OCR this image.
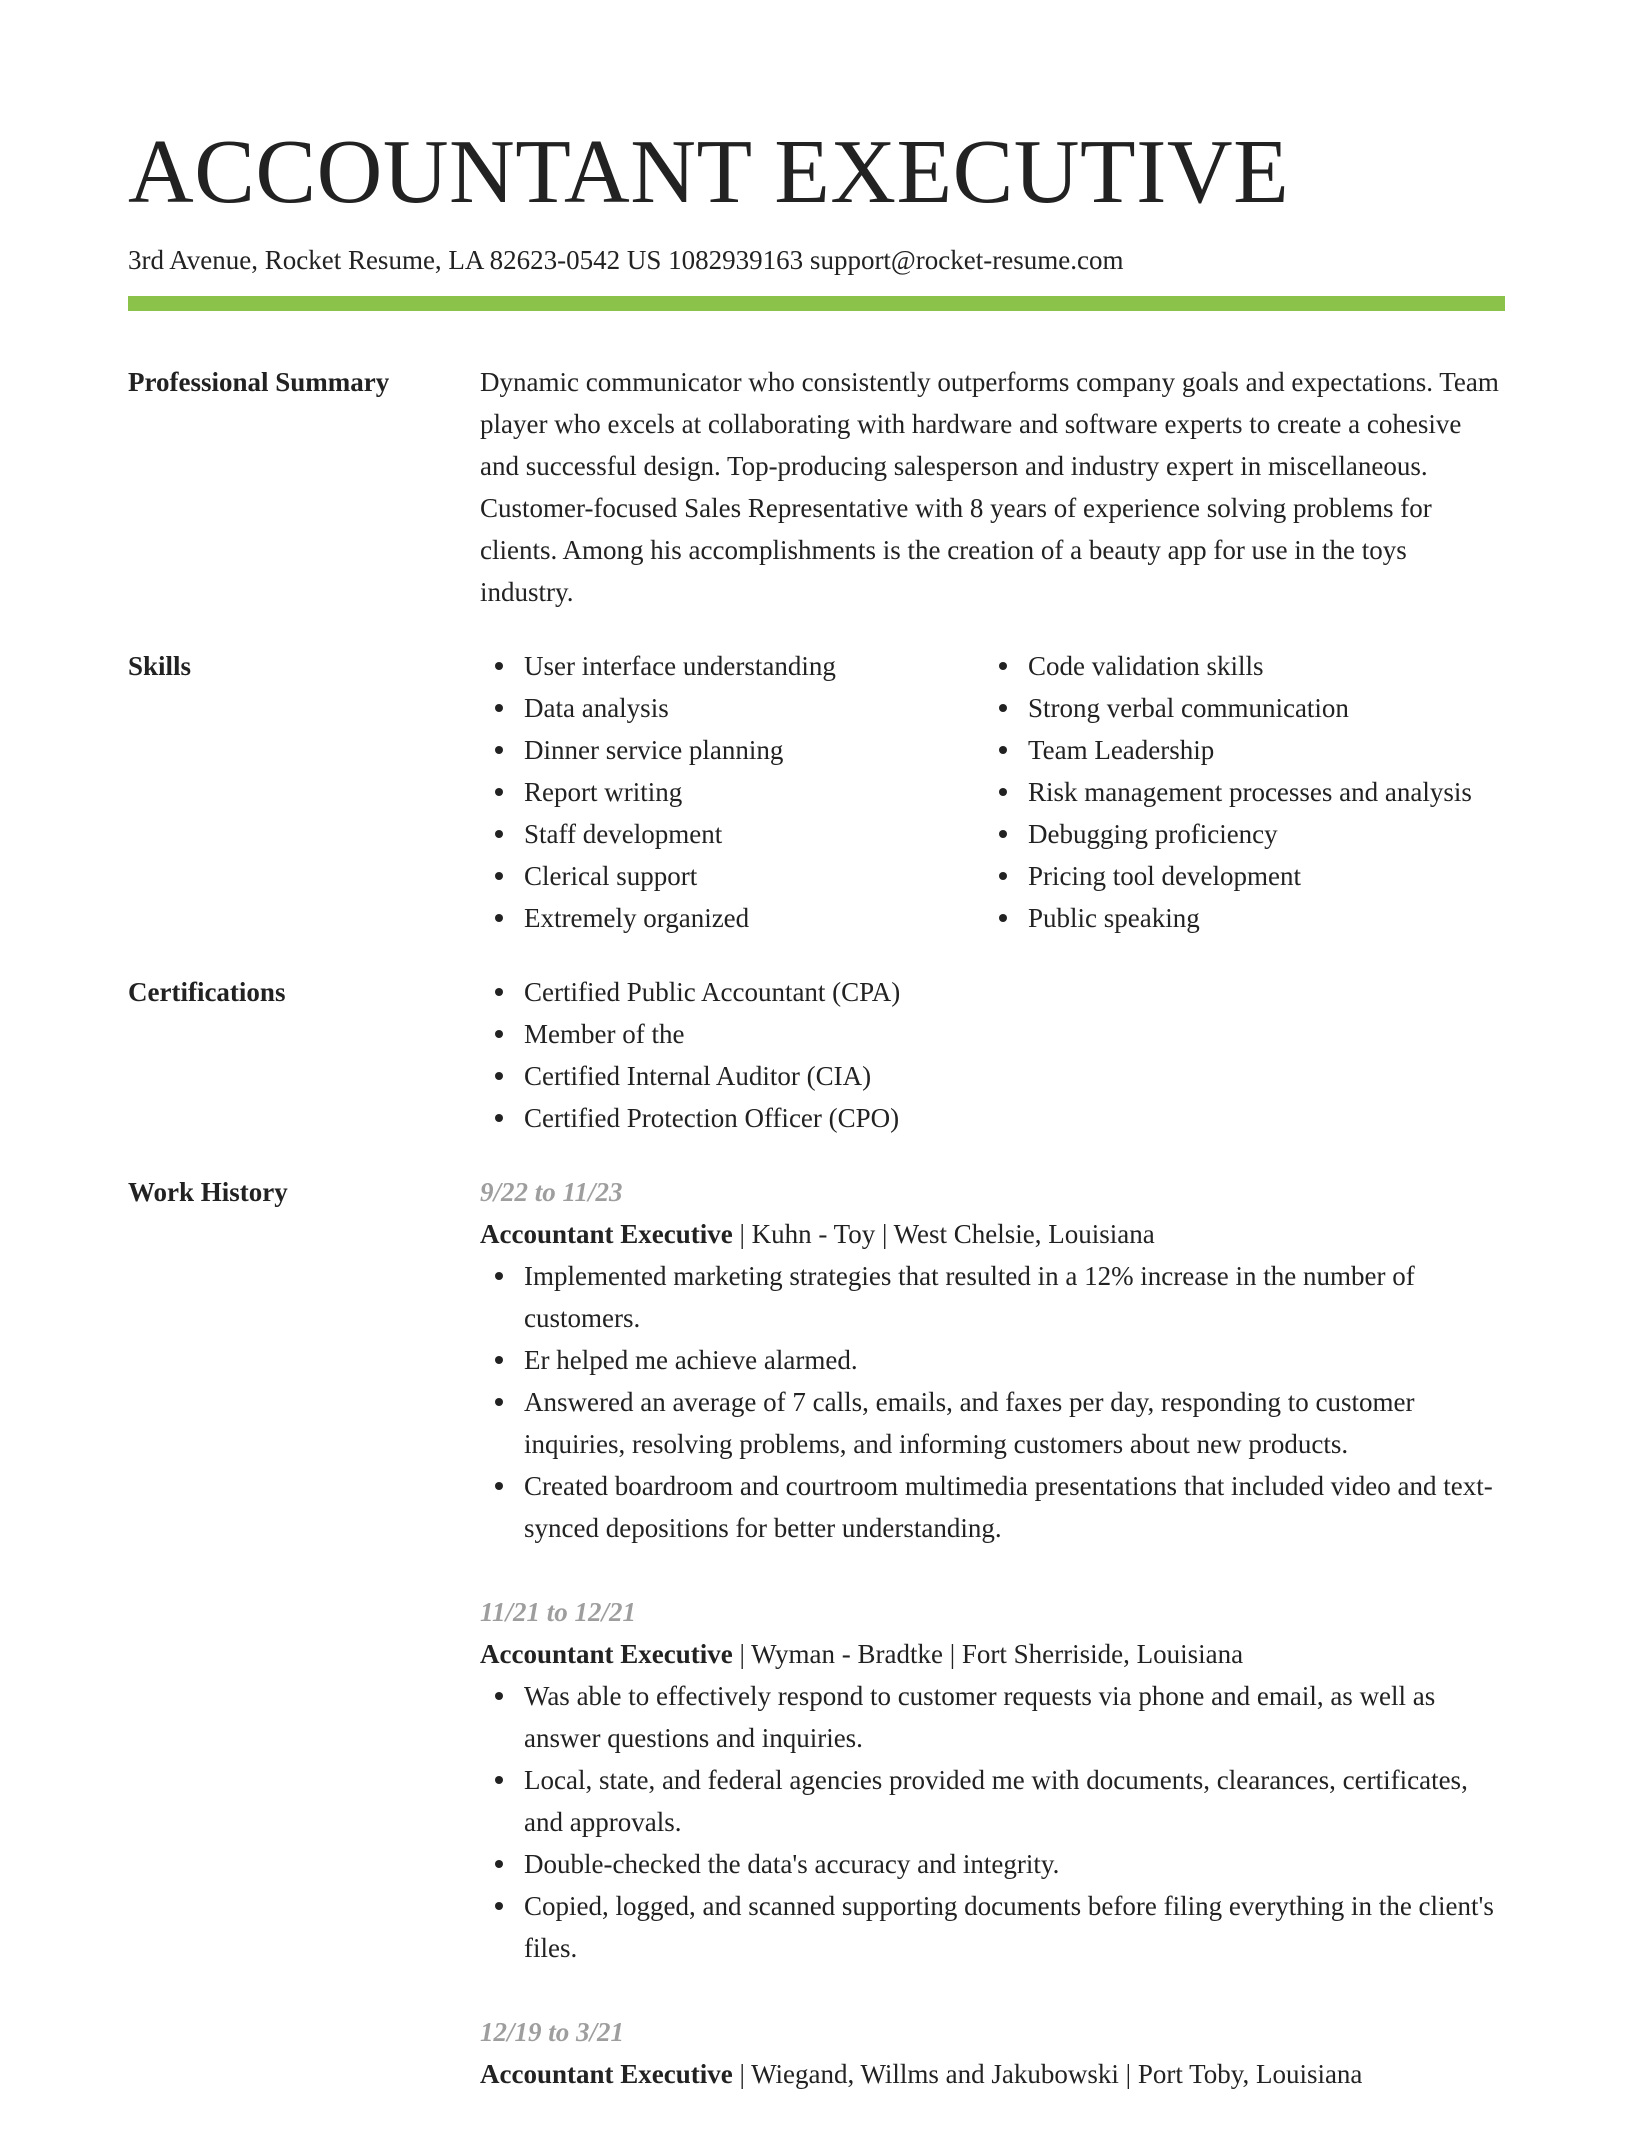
ACCOUNTANT EXECUTIVE
3rd Avenue, Rocket Resume, LA 82623-0542 US 1082939163 support@rocket-resume.com
Professional Summary	Dynamic communicator who consistently outperforms company goals and expectations. Team player who excels at collaborating with hardware and software experts to create a cohesive and successful design. Top-producing salesperson and industry expert in miscellaneous. Customer-focused Sales Representative with 8 years of experience solving problems for clients. Among his accomplishments is the creation of a beauty app for use in the toys industry.

Skills	User interface understanding
Data analysis
Dinner service planning
Report writing
Staff development
Clerical support
Extremely organized
Code validation skills
Strong verbal communication
Team Leadership
Risk management processes and analysis
Debugging proficiency
Pricing tool development
Public speaking
Certifications	Certified Public Accountant (CPA)
Member of the
Certified Internal Auditor (CIA)
Certified Protection Officer (CPO)
Work History	9/22 to 11/23
Accountant Executive | Kuhn - Toy | West Chelsie, Louisiana
Implemented marketing strategies that resulted in a 12% increase in the number of customers.
Er helped me achieve alarmed.
Answered an average of 7 calls, emails, and faxes per day, responding to customer inquiries, resolving problems, and informing customers about new products.
Created boardroom and courtroom multimedia presentations that included video and text-synced depositions for better understanding.
11/21 to 12/21
Accountant Executive | Wyman - Bradtke | Fort Sherriside, Louisiana
Was able to effectively respond to customer requests via phone and email, as well as answer questions and inquiries.
Local, state, and federal agencies provided me with documents, clearances, certificates, and approvals.
Double-checked the data's accuracy and integrity.
Copied, logged, and scanned supporting documents before filing everything in the client's files.
12/19 to 3/21
Accountant Executive | Wiegand, Willms and Jakubowski | Port Toby, Louisiana
